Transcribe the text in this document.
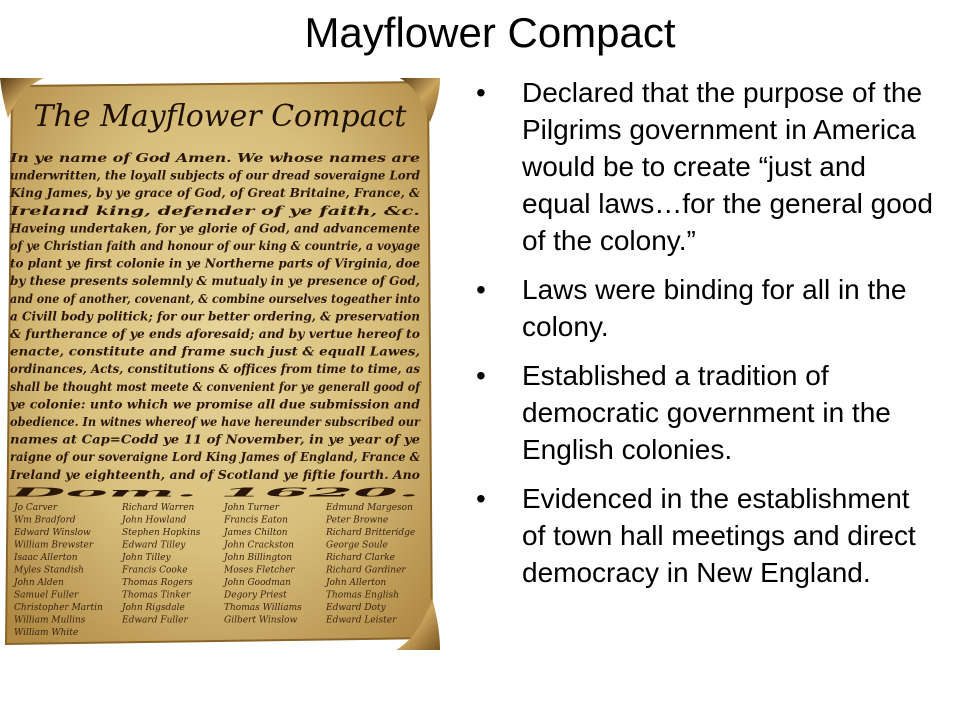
Mayflower Compact
The Mayflower Compact
In ye name of God Amen. We whose names are
underwritten, the loyall subjects of our dread soveraigne Lord
King James, by ye grace of God, of Great Britaine, France, &
Ireland king, defender of ye faith, &c.
Haveing undertaken, for ye glorie of God, and advancemente
of ye Christian faith and honour of our king & countrie, a voyage
to plant ye first colonie in ye Northerne parts of Virginia, doe
by these presents solemnly & mutualy in ye presence of God,
and one of another, covenant, & combine ourselves togeather into
a Civill body politick; for our better ordering, & preservation
& furtherance of ye ends aforesaid; and by vertue hereof to
enacte, constitute and frame such just & equall Lawes,
ordinances, Acts, constitutions & offices from time to time, as
shall be thought most meete & convenient for ye generall good of
ye colonie: unto which we promise all due submission and
obedience. In witnes whereof we have hereunder subscribed our
names at Cap=Codd ye 11 of November, in ye year of ye
raigne of our soveraigne Lord King James of England, France &
Ireland ye eighteenth, and of Scotland ye fiftie fourth. Ano
Dom. 1620.
Jo Carver
Wm Bradford
Edward Winslow
William Brewster
Isaac Allerton
Myles Standish
John Alden
Samuel Fuller
Christopher Martin
William Mullins
William White
Richard Warren
John Howland
Stephen Hopkins
Edward Tilley
John Tilley
Francis Cooke
Thomas Rogers
Thomas Tinker
John Rigsdale
Edward Fuller
John Turner
Francis Eaton
James Chilton
John Crackston
John Billington
Moses Fletcher
John Goodman
Degory Priest
Thomas Williams
Gilbert Winslow
Edmund Margeson
Peter Browne
Richard Britteridge
George Soule
Richard Clarke
Richard Gardiner
John Allerton
Thomas English
Edward Doty
Edward Leister
• Declared that the purpose of the Pilgrims government in America would be to create “just and equal laws…for the general good of the colony.”
• Laws were binding for all in the colony.
• Established a tradition of democratic government in the English colonies.
• Evidenced in the establishment of town hall meetings and direct democracy in New England.
